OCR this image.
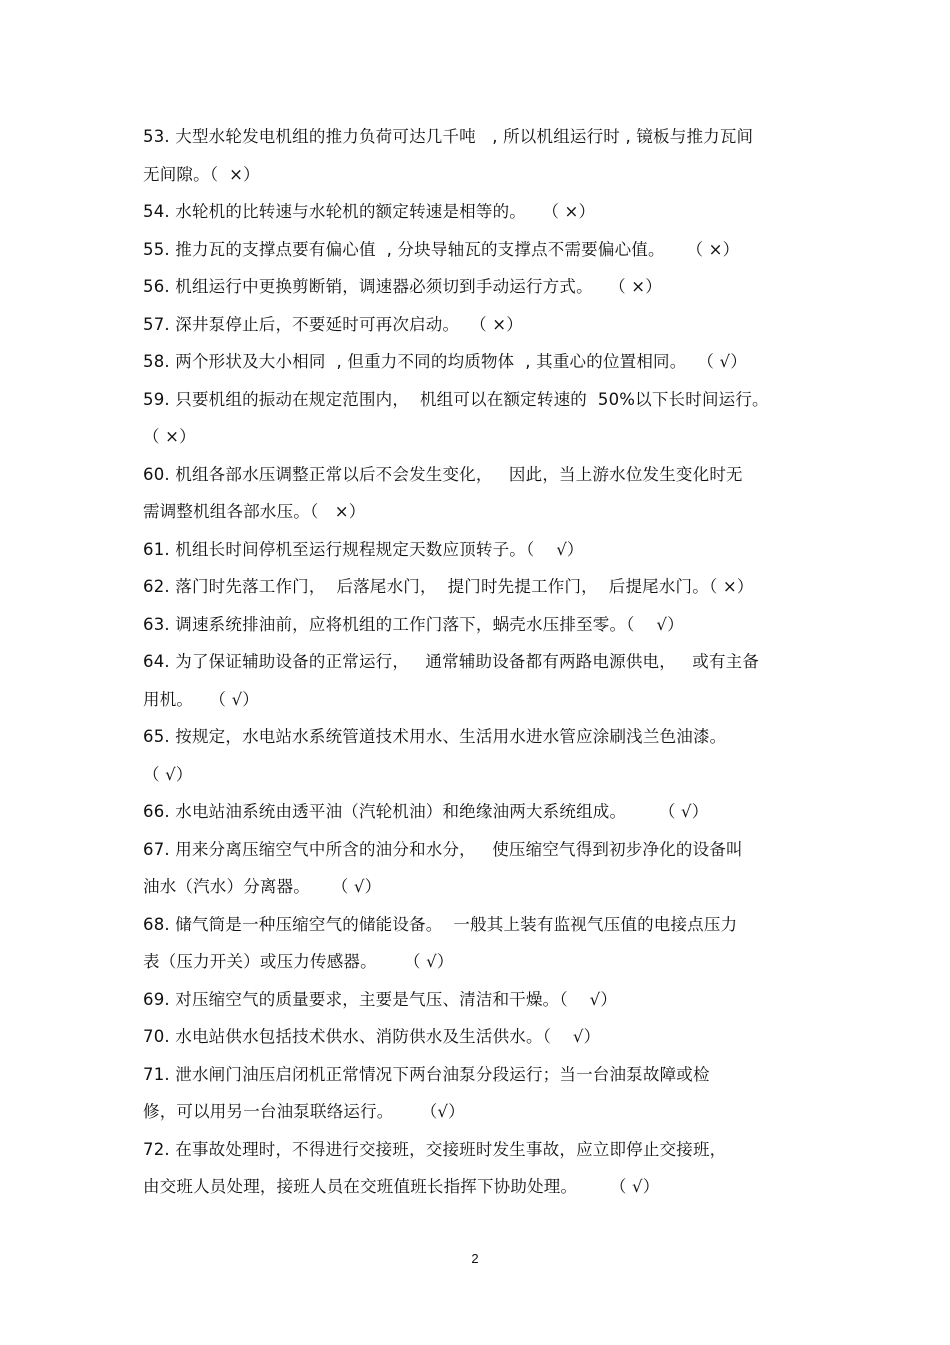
53. 大型水轮发电机组的推力负荷可达几千吨   , 所以机组运行时 , 镜板与推力瓦间
无间隙。（  ×）
54. 水轮机的比转速与水轮机的额定转速是相等的。   （ ×）
55. 推力瓦的支撑点要有偏心值  , 分块导轴瓦的支撑点不需要偏心值。    （ ×）
56. 机组运行中更换剪断销，调速器必须切到手动运行方式。   （ ×）
57. 深井泵停止后，不要延时可再次启动。  （ ×）
58. 两个形状及大小相同  , 但重力不同的均质物体  , 其重心的位置相同。  （ √）
59. 只要机组的振动在规定范围内，  机组可以在额定转速的  50%以下长时间运行。
（ ×）
60. 机组各部水压调整正常以后不会发生变化，   因此，当上游水位发生变化时无
需调整机组各部水压。（   ×）
61. 机组长时间停机至运行规程规定天数应顶转子。（    √）
62. 落门时先落工作门，  后落尾水门，  提门时先提工作门，  后提尾水门。（ ×）
63. 调速系统排油前，应将机组的工作门落下，蜗壳水压排至零。（    √）
64. 为了保证辅助设备的正常运行，   通常辅助设备都有两路电源供电，   或有主备
用机。   （ √）
65. 按规定，水电站水系统管道技术用水、生活用水进水管应涂刷浅兰色油漆。
（ √）
66. 水电站油系统由透平油（汽轮机油）和绝缘油两大系统组成。      （ √）
67. 用来分离压缩空气中所含的油分和水分，   使压缩空气得到初步净化的设备叫
油水（汽水）分离器。    （ √）
68. 储气筒是一种压缩空气的储能设备。  一般其上装有监视气压值的电接点压力
表（压力开关）或压力传感器。     （ √）
69. 对压缩空气的质量要求，主要是气压、清洁和干燥。（    √）
70. 水电站供水包括技术供水、消防供水及生活供水。（    √）
71. 泄水闸门油压启闭机正常情况下两台油泵分段运行；当一台油泵故障或检
修，可以用另一台油泵联络运行。     （√）
72. 在事故处理时，不得进行交接班，交接班时发生事故，应立即停止交接班，
由交班人员处理，接班人员在交班值班长指挥下协助处理。      （ √）
2
